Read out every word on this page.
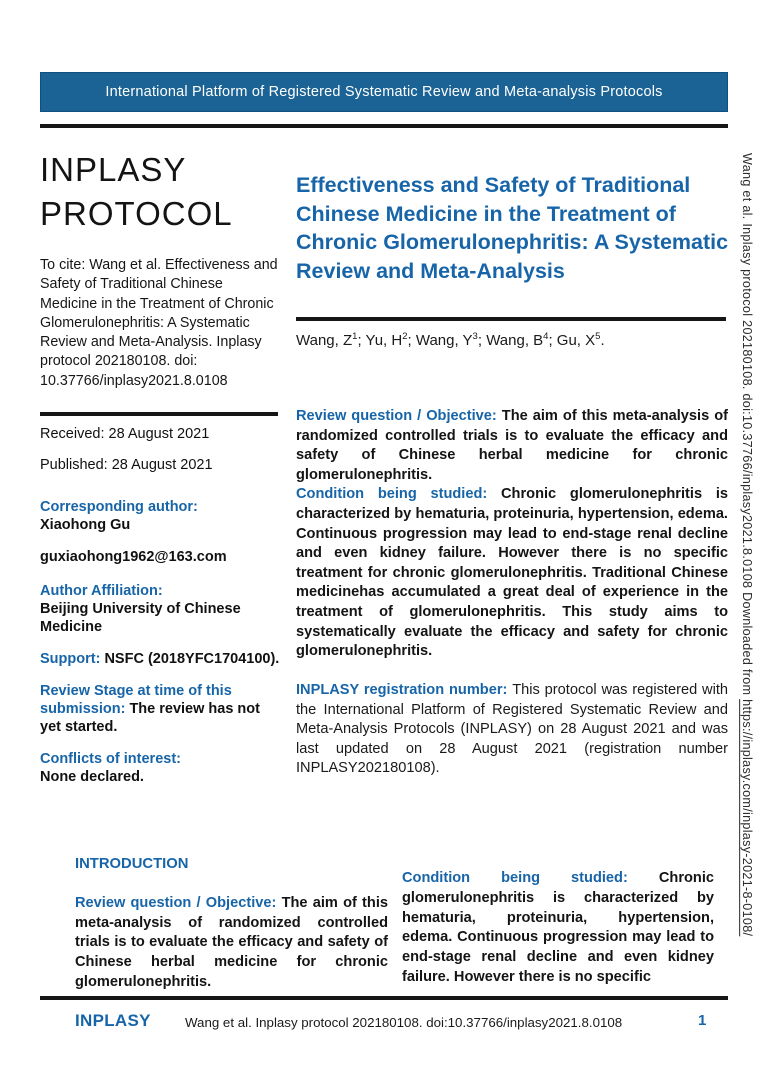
International Platform of Registered Systematic Review and Meta-analysis Protocols
INPLASY
PROTOCOL
To cite: Wang et al. Effectiveness and Safety of Traditional Chinese Medicine in the Treatment of Chronic Glomerulonephritis: A Systematic Review and Meta-Analysis. Inplasy protocol 202180108. doi: 10.37766/inplasy2021.8.0108
Received: 28 August 2021
Published: 28 August 2021

Corresponding author:
Xiaohong Gu

guxiaohong1962@163.com

Author Affiliation:
Beijing University of Chinese Medicine

Support: NSFC (2018YFC1704100).

Review Stage at time of this submission: The review has not yet started.

Conflicts of interest:
None declared.

Effectiveness and Safety of Traditional Chinese Medicine in the Treatment of Chronic Glomerulonephritis: A Systematic Review and Meta-Analysis
Wang, $Z^1$; Yu, $H^2$; Wang, $Y^3$; Wang, $B^4$; Gu, $X^5$.

Review question / Objective: The aim of this meta-analysis of randomized controlled trials is to evaluate the efficacy and safety of Chinese herbal medicine for chronic glomerulonephritis.

Condition being studied: Chronic glomerulonephritis is characterized by hematuria, proteinuria, hypertension, edema. Continuous progression may lead to end-stage renal decline and even kidney failure. However there is no specific treatment for chronic glomerulonephritis. Traditional Chinese medicinehas accumulated a great deal of experience in the treatment of glomerulonephritis. This study aims to systematically evaluate the efficacy and safety for chronic glomerulonephritis.

INPLASY registration number: This protocol was registered with the International Platform of Registered Systematic Review and Meta-Analysis Protocols (INPLASY) on 28 August 2021 and was last updated on 28 August 2021 (registration number INPLASY202180108).

INTRODUCTION

Review question / Objective: The aim of this meta-analysis of randomized controlled trials is to evaluate the efficacy and safety of Chinese herbal medicine for chronic glomerulonephritis.

Condition being studied: Chronic glomerulonephritis is characterized by hematuria, proteinuria, hypertension, edema. Continuous progression may lead to end-stage renal decline and even kidney failure. However there is no specific

INPLASY	Wang et al. Inplasy protocol 202180108. doi:10.37766/inplasy2021.8.0108	1
Wang et al. Inplasy protocol 202180108. doi:10.37766/inplasy2021.8.0108 Downloaded from https://inplasy.com/inplasy-2021-8-0108/
